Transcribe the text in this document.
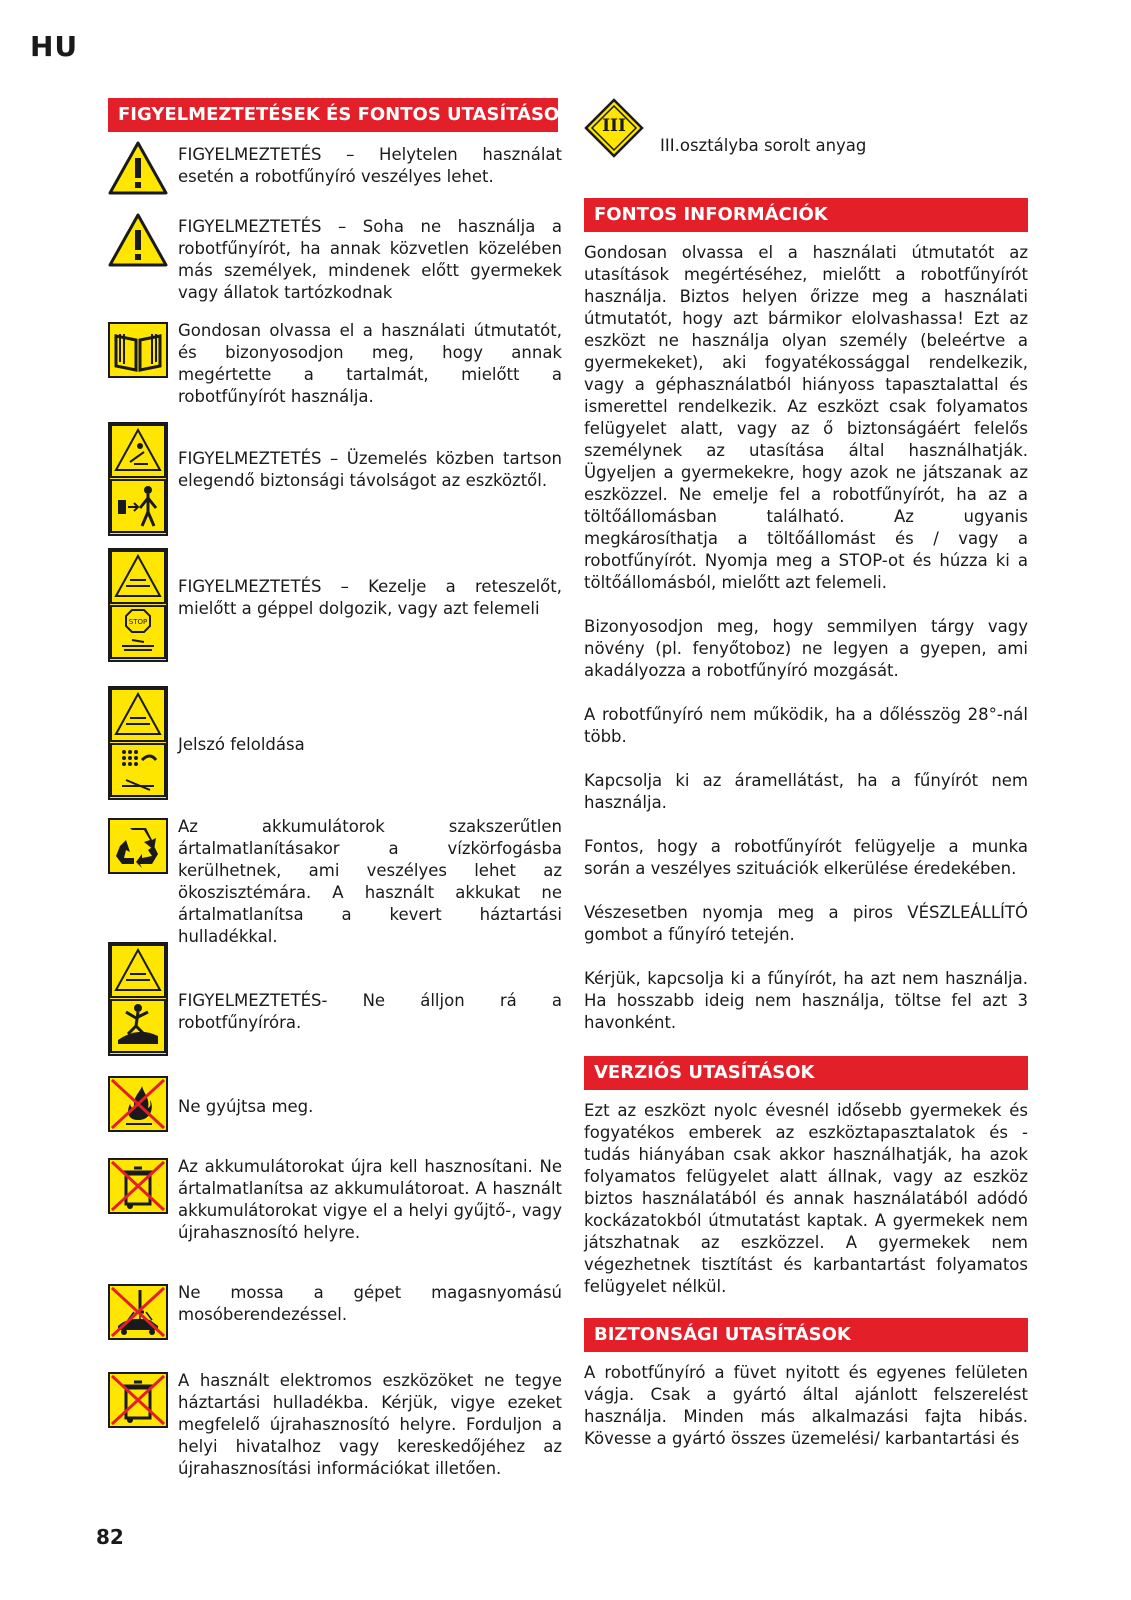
HU
FIGYELMEZTETÉSEK ÉS FONTOS UTASÍTÁSOK
FIGYELMEZTETÉS – Helytelen használat esetén a robotfűnyíró veszélyes lehet.
FIGYELMEZTETÉS – Soha ne használja a robotfűnyírót, ha annak közvetlen közelében más személyek, mindenek előtt gyermekek vagy állatok tartózkodnak
Gondosan olvassa el a használati útmutatót, és bizonyosodjon meg, hogy annak megértette a tartalmát, mielőtt a robotfűnyírót használja.
FIGYELMEZTETÉS – Üzemelés közben tartson elegendő biztonsági távolságot az eszköztől.
STOP
FIGYELMEZTETÉS – Kezelje a reteszelőt, mielőtt a géppel dolgozik, vagy azt felemeli
Jelszó feloldása
Az akkumulátorok szakszerűtlen ártalmatlanításakor a vízkörfogásba kerülhetnek, ami veszélyes lehet az ökoszisztémára. A használt akkukat ne ártalmatlanítsa a kevert háztartási hulladékkal.
FIGYELMEZTETÉS- Ne álljon rá a robotfűnyíróra.
Ne gyújtsa meg.
Az akkumulátorokat újra kell hasznosítani. Ne ártalmatlanítsa az akkumulátoroat. A használt akkumulátorokat vigye el a helyi gyűjtő-, vagy újrahasznosító helyre.
Ne mossa a gépet magasnyomású mosóberendezéssel.
A használt elektromos eszközöket ne tegye háztartási hulladékba. Kérjük, vigye ezeket megfelelő újrahasznosító helyre. Forduljon a helyi hivatalhoz vagy kereskedőjéhez az újrahasznosítási információkat illetően.
III
III.osztályba sorolt anyag
FONTOS INFORMÁCIÓK

Gondosan olvassa el a használati útmutatót az utasítások megértéséhez, mielőtt a robotfűnyírót használja. Biztos helyen őrizze meg a használati útmutatót, hogy azt bármikor elolvashassa! Ezt az eszközt ne használja olyan személy (beleértve a gyermekeket), aki fogyatékossággal rendelkezik, vagy a géphasználatból hiányoss tapasztalattal és ismerettel rendelkezik. Az eszközt csak folyamatos felügyelet alatt, vagy az ő biztonságáért felelős személynek az utasítása által használhatják. Ügyeljen a gyermekekre, hogy azok ne játszanak az eszközzel. Ne emelje fel a robotfűnyírót, ha az a töltőállomásban található. Az ugyanis megkárosíthatja a töltőállomást és / vagy a robotfűnyírót. Nyomja meg a STOP-ot és húzza ki a töltőállomásból, mielőtt azt felemeli.

Bizonyosodjon meg, hogy semmilyen tárgy vagy növény (pl. fenyőtoboz) ne legyen a gyepen, ami akadályozza a robotfűnyíró mozgását.

A robotfűnyíró nem működik, ha a dőlésszög 28°-nál több.

Kapcsolja ki az áramellátást, ha a fűnyírót nem használja.

Fontos, hogy a robotfűnyírót felügyelje a munka során a veszélyes szituációk elkerülése éredekében.

Vészesetben nyomja meg a piros VÉSZLEÁLLÍTÓ gombot a fűnyíró tetején.

Kérjük, kapcsolja ki a fűnyírót, ha azt nem használja. Ha hosszabb ideig nem használja, töltse fel azt 3 havonként.

VERZIÓS UTASÍTÁSOK

Ezt az eszközt nyolc évesnél idősebb gyermekek és fogyatékos emberek az eszköztapasztalatok és -tudás hiányában csak akkor használhatják, ha azok folyamatos felügyelet alatt állnak, vagy az eszköz biztos használatából és annak használatából adódó kockázatokból útmutatást kaptak. A gyermekek nem játszhatnak az eszközzel. A gyermekek nem végezhetnek tisztítást és karbantartást folyamatos felügyelet nélkül.

BIZTONSÁGI UTASÍTÁSOK

A robotfűnyíró a füvet nyitott és egyenes felületen vágja. Csak a gyártó által ajánlott felszerelést használja. Minden más alkalmazási fajta hibás. Kövesse a gyártó összes üzemelési/ karbantartási és

82
